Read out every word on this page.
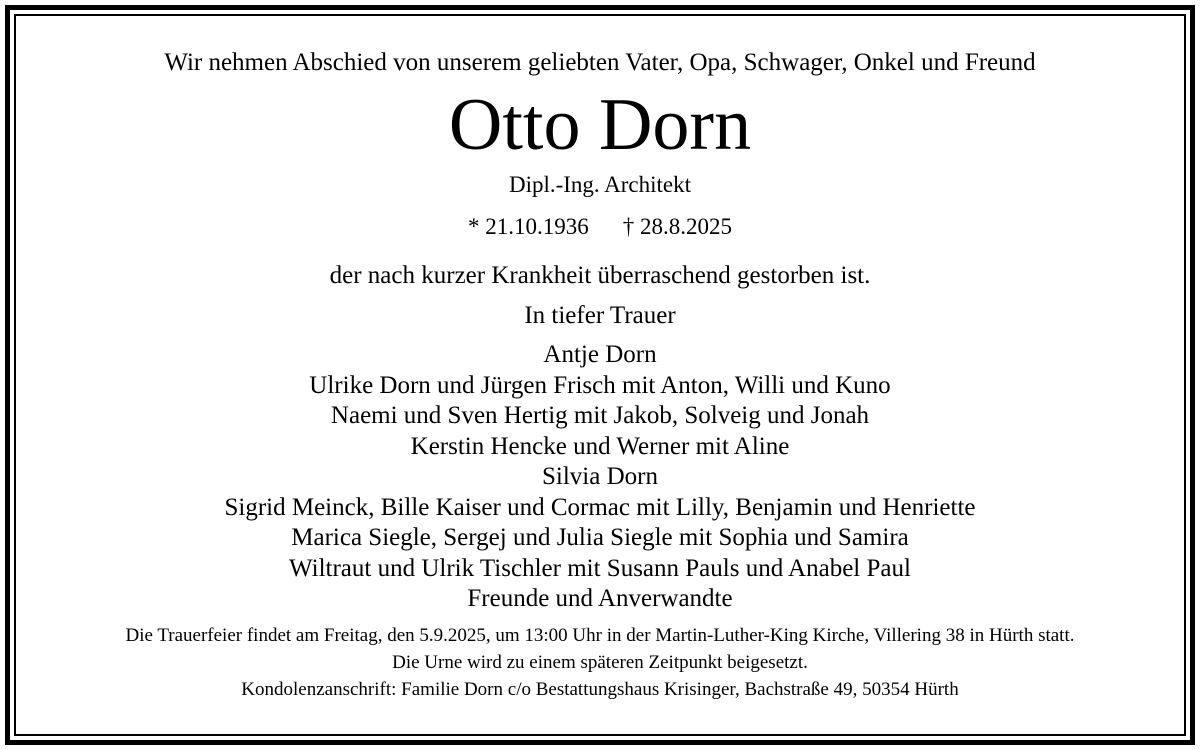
Wir nehmen Abschied von unserem geliebten Vater, Opa, Schwager, Onkel und Freund
Otto Dorn
Dipl.-Ing. Architekt
* 21.10.1936 † 28.8.2025
der nach kurzer Krankheit überraschend gestorben ist.
In tiefer Trauer
Antje Dorn
Ulrike Dorn und Jürgen Frisch mit Anton, Willi und Kuno
Naemi und Sven Hertig mit Jakob, Solveig und Jonah
Kerstin Hencke und Werner mit Aline
Silvia Dorn
Sigrid Meinck, Bille Kaiser und Cormac mit Lilly, Benjamin und Henriette
Marica Siegle, Sergej und Julia Siegle mit Sophia und Samira
Wiltraut und Ulrik Tischler mit Susann Pauls und Anabel Paul
Freunde und Anverwandte
Die Trauerfeier findet am Freitag, den 5.9.2025, um 13:00 Uhr in der Martin-Luther-King Kirche, Villering 38 in Hürth statt.
Die Urne wird zu einem späteren Zeitpunkt beigesetzt.
Kondolenzanschrift: Familie Dorn c/o Bestattungshaus Krisinger, Bachstraße 49, 50354 Hürth
